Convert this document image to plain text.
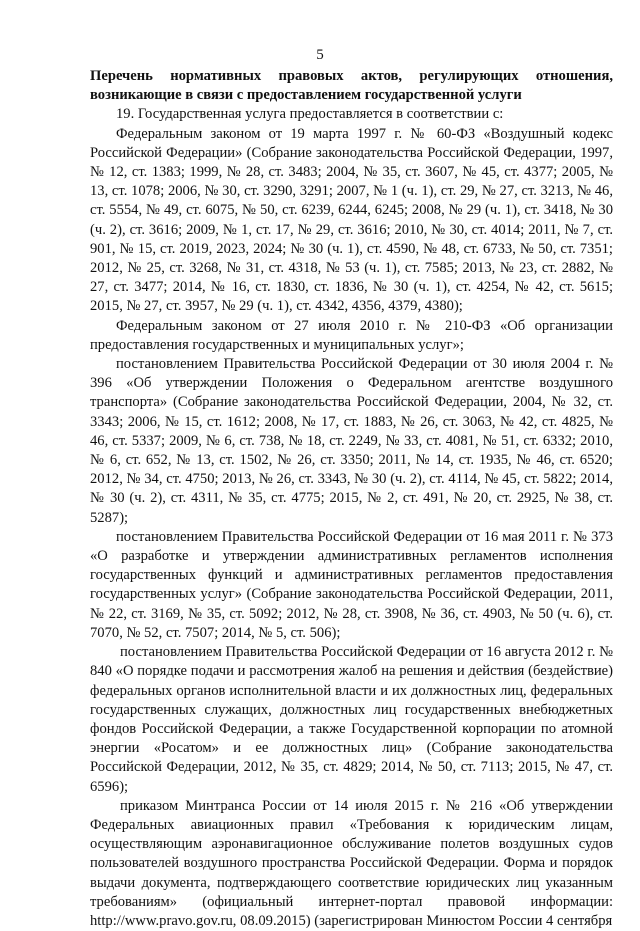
5

Перечень нормативных правовых актов, регулирующих отношения, возникающие в связи с предоставлением государственной услуги

19. Государственная услуга предоставляется в соответствии с:

Федеральным законом от 19 марта 1997 г. № 60-ФЗ «Воздушный кодекс Российской Федерации» (Собрание законодательства Российской Федерации, 1997, № 12, ст. 1383; 1999, № 28, ст. 3483; 2004, № 35, ст. 3607, № 45, ст. 4377; 2005, № 13, ст. 1078; 2006, № 30, ст. 3290, 3291; 2007, № 1 (ч. 1), ст. 29, № 27, ст. 3213, № 46, ст. 5554, № 49, ст. 6075, № 50, ст. 6239, 6244, 6245; 2008, № 29 (ч. 1), ст. 3418, № 30 (ч. 2), ст. 3616; 2009, № 1, ст. 17, № 29, ст. 3616; 2010, № 30, ст. 4014; 2011, № 7, ст. 901, № 15, ст. 2019, 2023, 2024; № 30 (ч. 1), ст. 4590, № 48, ст. 6733, № 50, ст. 7351; 2012, № 25, ст. 3268, № 31, ст. 4318, № 53 (ч. 1), ст. 7585; 2013, № 23, ст. 2882, № 27, ст. 3477; 2014, № 16, ст. 1830, ст. 1836, № 30 (ч. 1), ст. 4254, № 42, ст. 5615; 2015, № 27, ст. 3957, № 29 (ч. 1), ст. 4342, 4356, 4379, 4380);

Федеральным законом от 27 июля 2010 г. № 210-ФЗ «Об организации предоставления государственных и муниципальных услуг»;

постановлением Правительства Российской Федерации от 30 июля 2004 г. № 396 «Об утверждении Положения о Федеральном агентстве воздушного транспорта» (Собрание законодательства Российской Федерации, 2004, № 32, ст. 3343; 2006, № 15, ст. 1612; 2008, № 17, ст. 1883, № 26, ст. 3063, № 42, ст. 4825, № 46, ст. 5337; 2009, № 6, ст. 738, № 18, ст. 2249, № 33, ст. 4081, № 51, ст. 6332; 2010, № 6, ст. 652, № 13, ст. 1502, № 26, ст. 3350; 2011, № 14, ст. 1935, № 46, ст. 6520; 2012, № 34, ст. 4750; 2013, № 26, ст. 3343, № 30 (ч. 2), ст. 4114, № 45, ст. 5822; 2014, № 30 (ч. 2), ст. 4311, № 35, ст. 4775; 2015, № 2, ст. 491, № 20, ст. 2925, № 38, ст. 5287);

постановлением Правительства Российской Федерации от 16 мая 2011 г. № 373 «О разработке и утверждении административных регламентов исполнения государственных функций и административных регламентов предоставления государственных услуг» (Собрание законодательства Российской Федерации, 2011, № 22, ст. 3169, № 35, ст. 5092; 2012, № 28, ст. 3908, № 36, ст. 4903, № 50 (ч. 6), ст. 7070, № 52, ст. 7507; 2014, № 5, ст. 506);

постановлением Правительства Российской Федерации от 16 августа 2012 г. № 840 «О порядке подачи и рассмотрения жалоб на решения и действия (бездействие) федеральных органов исполнительной власти и их должностных лиц, федеральных государственных служащих, должностных лиц государственных внебюджетных фондов Российской Федерации, а также Государственной корпорации по атомной энергии «Росатом» и ее должностных лиц» (Собрание законодательства Российской Федерации, 2012, № 35, ст. 4829; 2014, № 50, ст. 7113; 2015, № 47, ст. 6596);

приказом Минтранса России от 14 июля 2015 г. № 216 «Об утверждении Федеральных авиационных правил «Требования к юридическим лицам, осуществляющим аэронавигационное обслуживание полетов воздушных судов пользователей воздушного пространства Российской Федерации. Форма и порядок выдачи документа, подтверждающего соответствие юридических лиц указанным требованиям» (официальный интернет-портал правовой информации: http://www.pravo.gov.ru, 08.09.2015) (зарегистрирован Минюстом России 4 сентября
